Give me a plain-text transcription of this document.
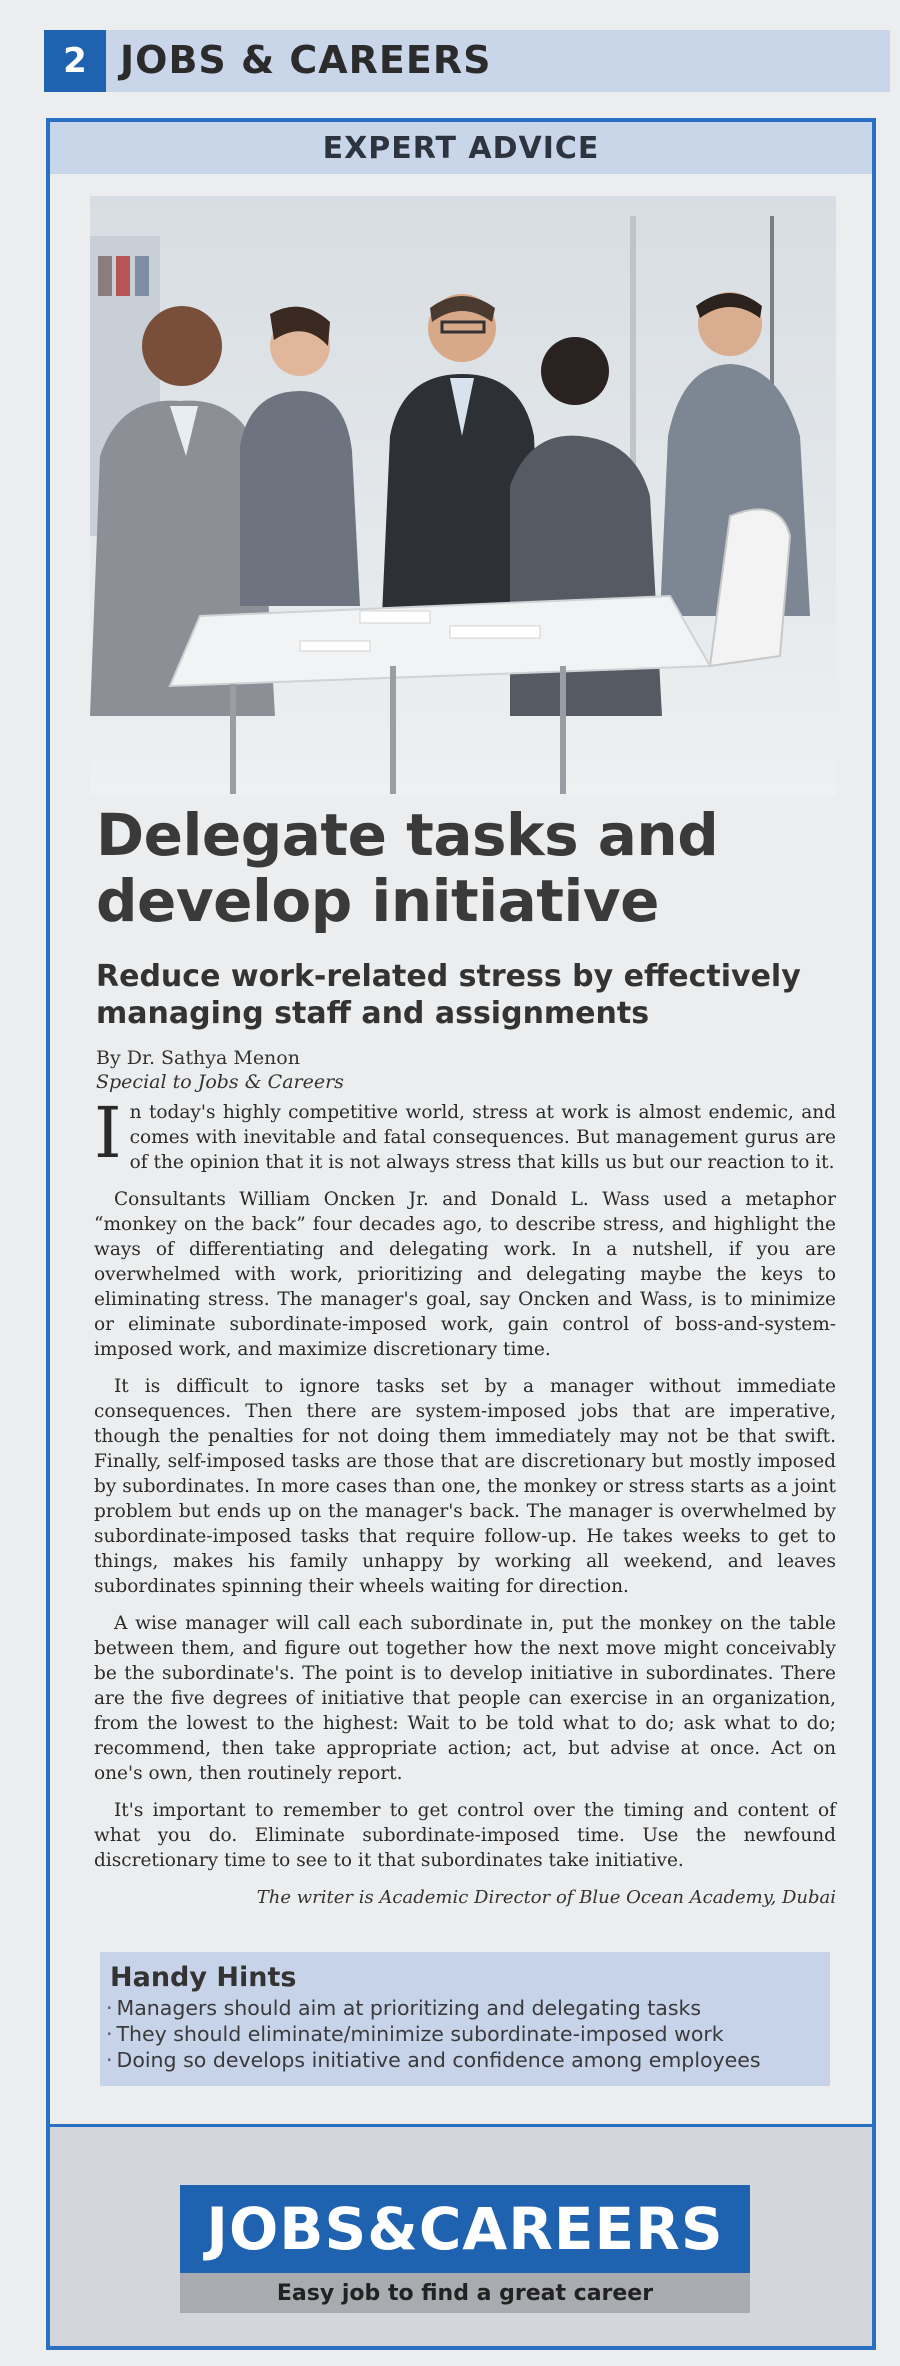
2 JOBS & CAREERS
EXPERT ADVICE
Delegate tasks and develop initiative
Reduce work-related stress by effectively managing staff and assignments
By Dr. Sathya Menon
Special to Jobs & Careers

In today's highly competitive world, stress at work is almost endemic, and comes with inevitable and fatal consequences. But management gurus are of the opinion that it is not always stress that kills us but our reaction to it.

Consultants William Oncken Jr. and Donald L. Wass used a metaphor “monkey on the back” four decades ago, to describe stress, and highlight the ways of differentiating and delegating work. In a nutshell, if you are overwhelmed with work, prioritizing and delegating maybe the keys to eliminating stress. The manager's goal, say Oncken and Wass, is to minimize or eliminate subordinate-imposed work, gain control of boss-and-system-imposed work, and maximize discretionary time.

It is difficult to ignore tasks set by a manager without immediate consequences. Then there are system-imposed jobs that are imperative, though the penalties for not doing them immediately may not be that swift. Finally, self-imposed tasks are those that are discretionary but mostly imposed by subordinates. In more cases than one, the monkey or stress starts as a joint problem but ends up on the manager's back. The manager is overwhelmed by subordinate-imposed tasks that require follow-up. He takes weeks to get to things, makes his family unhappy by working all weekend, and leaves subordinates spinning their wheels waiting for direction.

A wise manager will call each subordinate in, put the monkey on the table between them, and figure out together how the next move might conceivably be the subordinate's. The point is to develop initiative in subordinates. There are the five degrees of initiative that people can exercise in an organization, from the lowest to the highest: Wait to be told what to do; ask what to do; recommend, then take appropriate action; act, but advise at once. Act on one's own, then routinely report.

It's important to remember to get control over the timing and content of what you do. Eliminate subordinate-imposed time. Use the newfound discretionary time to see to it that subordinates take initiative.

The writer is Academic Director of Blue Ocean Academy, Dubai
Handy Hints
· Managers should aim at prioritizing and delegating tasks
· They should eliminate/minimize subordinate-imposed work
· Doing so develops initiative and confidence among employees
JOBS&CAREERS
Easy job to find a great career
